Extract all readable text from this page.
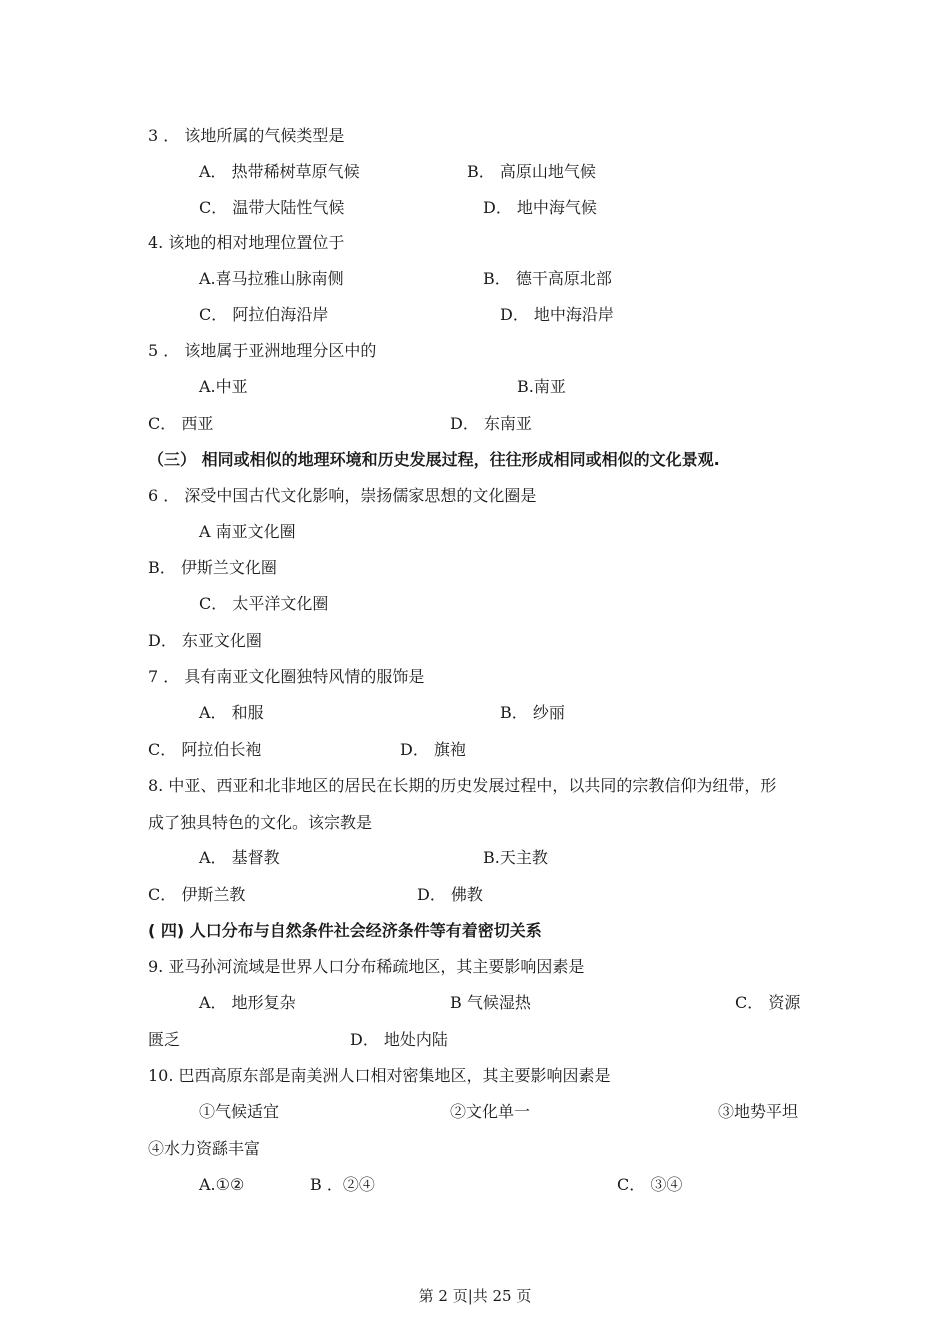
3 ． 该地所属的气候类型是
A． 热带稀树草原气候	B． 高原山地气候
C． 温带大陆性气候	D． 地中海气候
4. 该地的相对地理位置位于
A.喜马拉雅山脉南侧	B． 德干高原北部
C． 阿拉伯海沿岸	D． 地中海沿岸
5 ． 该地属于亚洲地理分区中的
A.中亚	B.南亚
C． 西亚	D． 东南亚
（三） 相同或相似的地理环境和历史发展过程，往往形成相同或相似的文化景观.
6 ． 深受中国古代文化影响，崇扬儒家思想的文化圈是
A 南亚文化圈
B． 伊斯兰文化圈
C． 太平洋文化圈
D． 东亚文化圈
7 ． 具有南亚文化圈独特风情的服饰是
A． 和服	B． 纱丽
C． 阿拉伯长袍	D． 旗袍
8. 中亚、西亚和北非地区的居民在长期的历史发展过程中，以共同的宗教信仰为纽带，形
成了独具特色的文化。该宗教是
A． 基督教	B.天主教
C． 伊斯兰教	D． 佛教
( 四) 人口分布与自然条件社会经济条件等有着密切关系
9. 亚马孙河流域是世界人口分布稀疏地区，其主要影响因素是
A． 地形复杂	B 气候湿热	C． 资源
匮乏	D． 地处内陆
10. 巴西高原东部是南美洲人口相对密集地区，其主要影响因素是
①气候适宜	②文化单一	③地势平坦
④水力资繇丰富
A.①②	B ．②④	C． ③④
第 2 页|共 25 页
